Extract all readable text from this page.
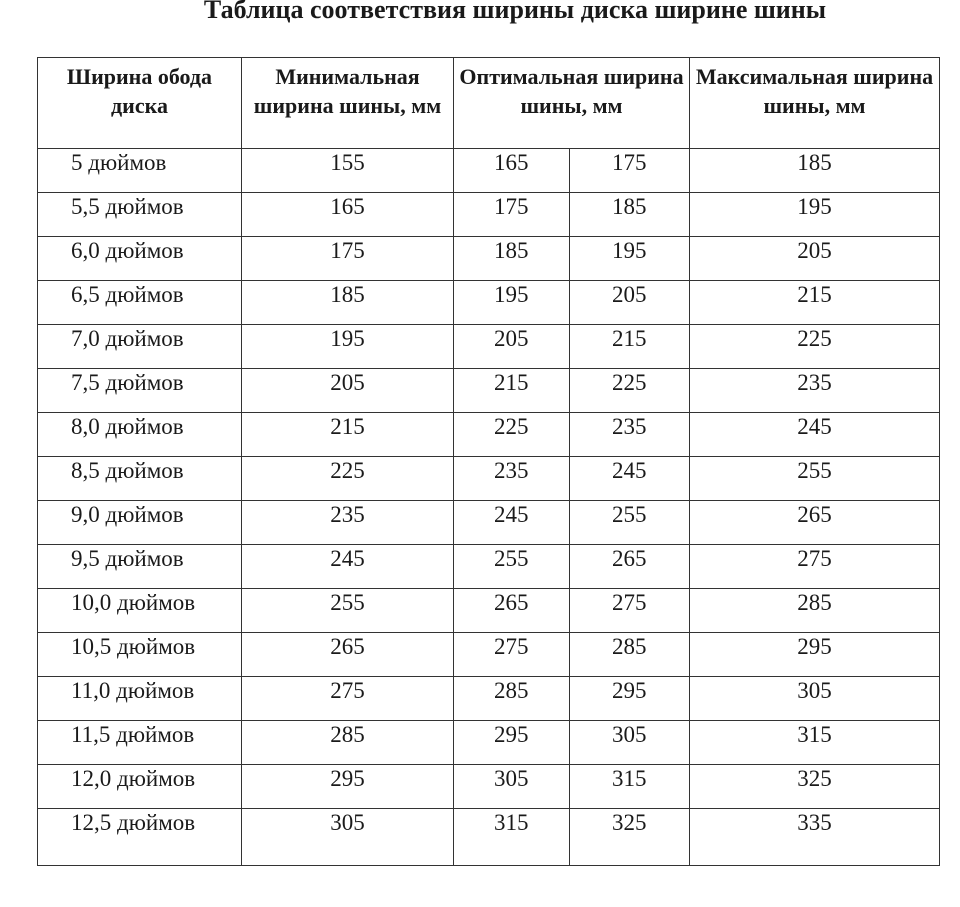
Таблица соответствия ширины диска ширине шины
Ширина обода диска	Минимальная ширина шины, мм	Оптимальная ширина шины, мм		Максимальная ширина шины, мм
5 дюймов	155	165	175	185
5,5 дюймов	165	175	185	195
6,0 дюймов	175	185	195	205
6,5 дюймов	185	195	205	215
7,0 дюймов	195	205	215	225
7,5 дюймов	205	215	225	235
8,0 дюймов	215	225	235	245
8,5 дюймов	225	235	245	255
9,0 дюймов	235	245	255	265
9,5 дюймов	245	255	265	275
10,0 дюймов	255	265	275	285
10,5 дюймов	265	275	285	295
11,0 дюймов	275	285	295	305
11,5 дюймов	285	295	305	315
12,0 дюймов	295	305	315	325
12,5 дюймов	305	315	325	335
